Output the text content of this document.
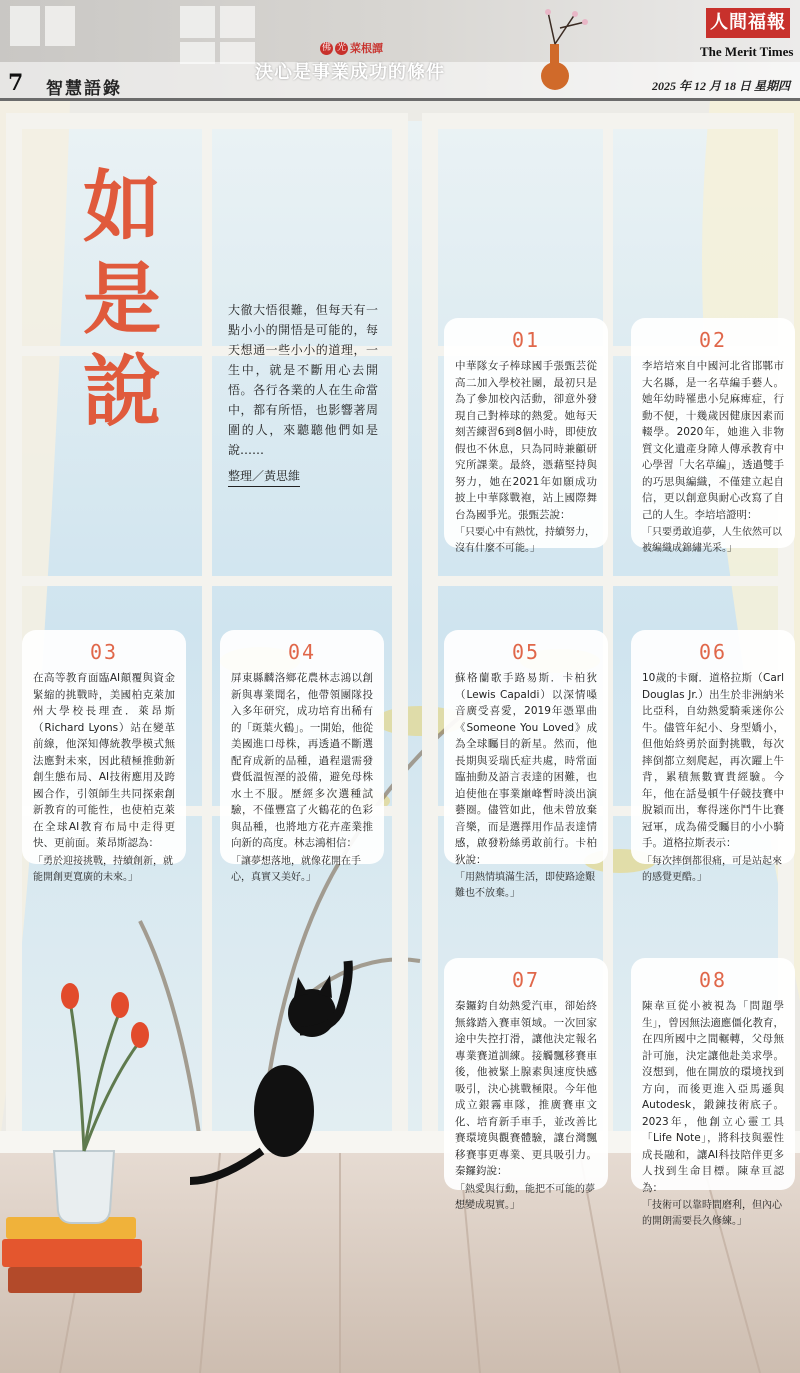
7 智慧語錄
佛 光 菜根譚
決心是事業成功的條件
人間福報
The Merit Times
2025 年 12 月 18 日 星期四
如
是
說
大徹大悟很難，但每天有一點小小的開悟是可能的，每天想通一些小小的道理，一生中，就是不斷用心去開悟。各行各業的人在生命當中，都有所悟，也影響著周圍的人，來聽聽他們如是說……
整理／黃思維
01
中華隊女子棒球國手張甄芸從高二加入學校社團，最初只是為了參加校內活動，卻意外發現自己對棒球的熱愛。她每天刻苦練習6到8個小時，即使放假也不休息，只為同時兼顧研究所課業。最終，憑藉堅持與努力，她在2021年如願成功披上中華隊戰袍，站上國際舞台為國爭光。張甄芸說：
「只要心中有熱忱，持續努力，沒有什麼不可能。」
02
李培培來自中國河北省邯鄲市大名縣，是一名草編手藝人。她年幼時罹患小兒麻痺症，行動不便，十幾歲因健康因素而輟學。2020年，她進入非物質文化遺產身障人傳承教育中心學習「大名草編」，透過雙手的巧思與編織，不僅建立起自信，更以創意與耐心改寫了自己的人生。李培培證明：
「只要勇敢追夢，人生依然可以被編織成錦繡光采。」
03
在高等教育面臨AI顛覆與資金緊縮的挑戰時，美國柏克萊加州大學校長理查．萊昂斯（Richard Lyons）站在變革前線，他深知傳統教學模式無法應對未來，因此積極推動新創生態布局、AI技術應用及跨國合作，引領師生共同探索創新教育的可能性，也使柏克萊在全球AI教育布局中走得更快、更前面。萊昂斯認為：
「勇於迎接挑戰，持續創新，就能開創更寬廣的未來。」
04
屏東縣麟洛鄉花農林志鴻以創新與專業聞名，他帶領團隊投入多年研究，成功培育出稀有的「斑葉火鶴」。一開始，他從美國進口母株，再透過不斷選配育成新的品種，過程還需發費低溫恆溼的設備，避免母株水土不服。歷經多次選種試驗，不僅豐富了火鶴花的色彩與品種，也將地方花卉產業推向新的高度。林志鴻相信：
「讓夢想落地，就像花開在手心，真實又美好。」
05
蘇格蘭歌手路易斯．卡柏狄（Lewis Capaldi）以深情嗓音廣受喜愛，2019年憑單曲《Someone You Loved》成為全球矚目的新星。然而，他長期與妥瑞氏症共處，時常面臨抽動及語言表達的困難，也迫使他在事業巔峰暫時淡出演藝圈。儘管如此，他未曾放棄音樂，而是選擇用作品表達情感，啟發粉絲勇敢前行。卡柏狄說：
「用熱情填滿生活，即使路途艱難也不放棄。」
06
10歲的卡爾．道格拉斯（Carl Douglas Jr.）出生於非洲納米比亞科，自幼熱愛騎乘迷你公牛。儘管年紀小、身型嬌小，但他始終勇於面對挑戰，每次摔倒都立刻爬起，再次躍上牛背，累積無數寶貴經驗。今年，他在話曼頓牛仔競技賽中脫穎而出，奪得迷你鬥牛比賽冠軍，成為備受矚目的小小騎手。道格拉斯表示：
「每次摔倒都很痛，可是站起來的感覺更酷。」
07
秦鑼鈞自幼熱愛汽車，卻始終無緣踏入賽車領域。一次回家途中失控打滑，讓他決定報名專業賽道訓練。接觸飄移賽車後，他被緊上腺素與速度快感吸引，決心挑戰極限。今年他成立銀霧車隊，推廣賽車文化、培育新手車手，並改善比賽環境與觀賽體驗，讓台灣飄移賽事更專業、更具吸引力。秦鑼鈞說：
「熱愛與行動，能把不可能的夢想變成現實。」
08
陳韋亘從小被視為「問題學生」，曾因無法適應僵化教育，在四所國中之間輾轉，父母無計可施，決定讓他赴美求學。沒想到，他在開放的環境找到方向，而後更進入亞馬遜與Autodesk，鍛鍊技術底子。2023年，他創立心靈工具「Life Note」，將科技與靈性成長融和，讓AI科技陪伴更多人找到生命目標。陳韋亘認為：
「技術可以靠時間磨利，但內心的開朗需要長久修練。」
